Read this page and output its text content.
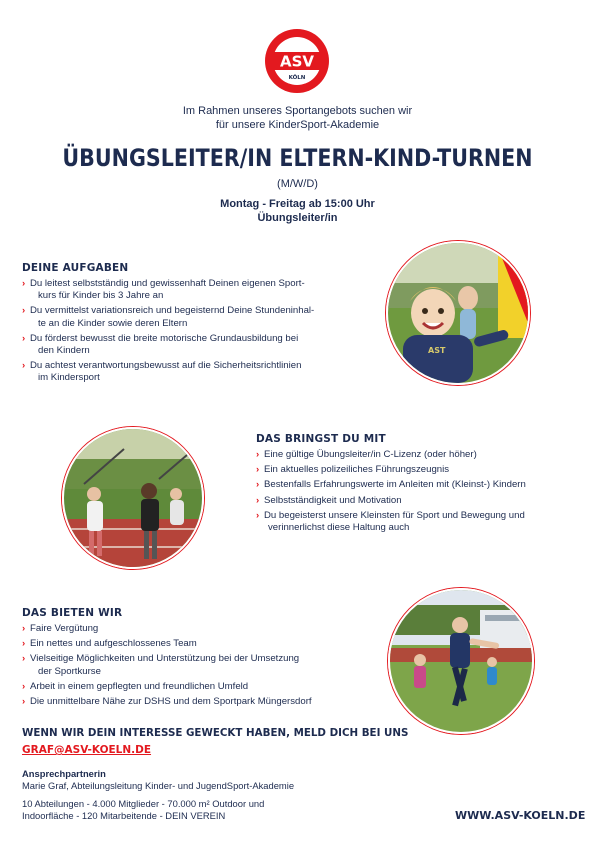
ASV
KÖLN
Im Rahmen unseres Sportangebots suchen wir
für unsere KinderSport-Akademie
ÜBUNGSLEITER/IN ELTERN-KIND-TURNEN
(M/W/D)
Montag - Freitag ab 15:00 Uhr
Übungsleiter/in
DEINE AUFGABEN
› Du leitest selbstständig und gewissenhaft Deinen eigenen Sport-
kurs für Kinder bis 3 Jahre an
› Du vermittelst variationsreich und begeisternd Deine Stundeninhal-
te an die Kinder sowie deren Eltern
› Du förderst bewusst die breite motorische Grundausbildung bei
den Kindern
› Du achtest verantwortungsbewusst auf die Sicherheitsrichtlinien
im Kindersport
AST
DAS BRINGST DU MIT
› Eine gültige Übungsleiter/in C-Lizenz (oder höher)
› Ein aktuelles polizeiliches Führungszeugnis
› Bestenfalls Erfahrungswerte im Anleiten mit (Kleinst-) Kindern
› Selbstständigkeit und Motivation
› Du begeisterst unsere Kleinsten für Sport und Bewegung und
verinnerlichst diese Haltung auch
DAS BIETEN WIR
› Faire Vergütung
› Ein nettes und aufgeschlossenes Team
› Vielseitige Möglichkeiten und Unterstützung bei der Umsetzung
der Sportkurse
› Arbeit in einem gepflegten und freundlichen Umfeld
› Die unmittelbare Nähe zur DSHS und dem Sportpark Müngersdorf
WENN WIR DEIN INTERESSE GEWECKT HABEN, MELD DICH BEI UNS
GRAF@ASV-KOELN.DE
Ansprechpartnerin
Marie Graf, Abteilungsleitung Kinder- und JugendSport-Akademie
10 Abteilungen - 4.000 Mitglieder - 70.000 m² Outdoor und
Indoorfläche - 120 Mitarbeitende - DEIN VEREIN	WWW.ASV-KOELN.DE
